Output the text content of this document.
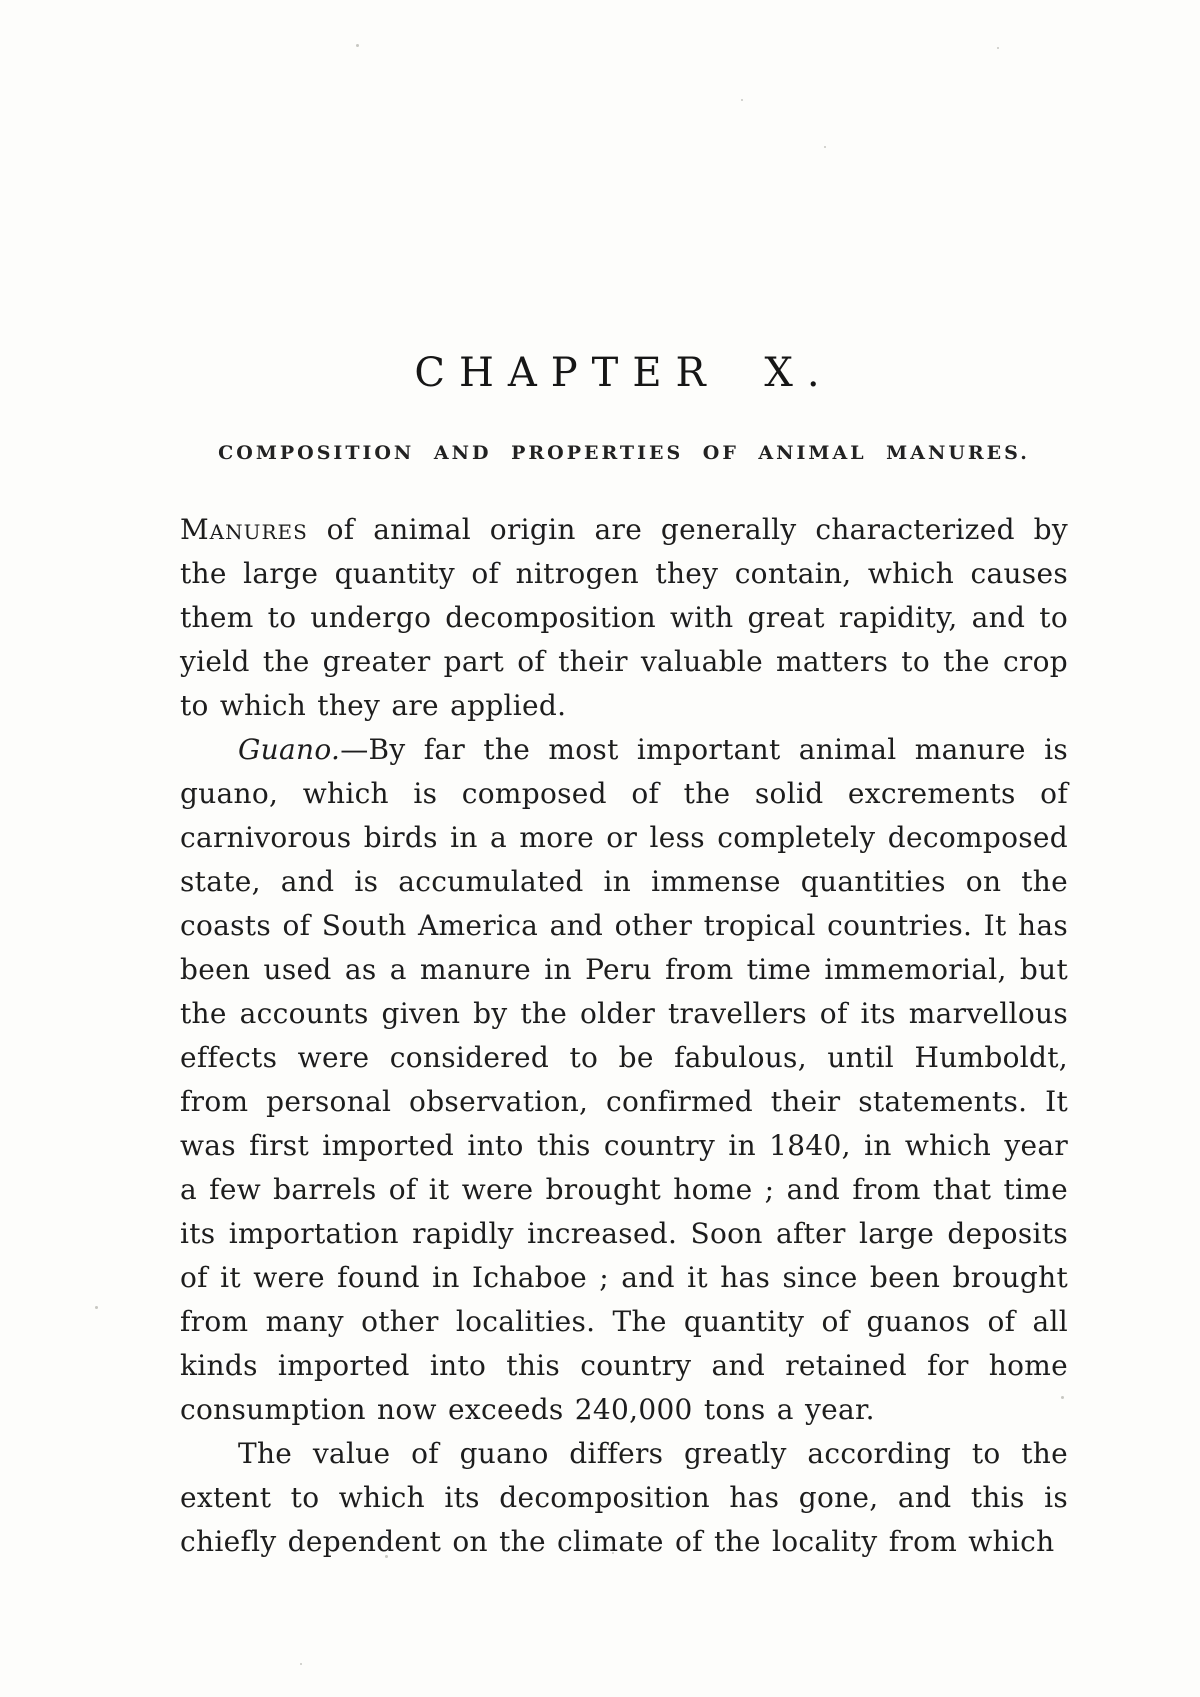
CHAPTER X.
COMPOSITION AND PROPERTIES OF ANIMAL MANURES.

Manures of animal origin are generally characterized by the large quantity of nitrogen they contain, which causes them to undergo decomposition with great rapidity, and to yield the greater part of their valuable matters to the crop to which they are applied.

Guano.—By far the most important animal manure is guano, which is composed of the solid excrements of carnivorous birds in a more or less completely decomposed state, and is accumulated in immense quantities on the coasts of South America and other tropical countries. It has been used as a manure in Peru from time immemorial, but the accounts given by the older travellers of its marvellous effects were considered to be fabulous, until Humboldt, from personal observation, confirmed their statements. It was first imported into this country in 1840, in which year a few barrels of it were brought home ; and from that time its importation rapidly increased. Soon after large deposits of it were found in Ichaboe ; and it has since been brought from many other localities. The quantity of guanos of all kinds imported into this country and retained for home consumption now exceeds 240,000 tons a year.

The value of guano differs greatly according to the extent to which its decomposition has gone, and this is chiefly dependent on the climate of the locality from which
